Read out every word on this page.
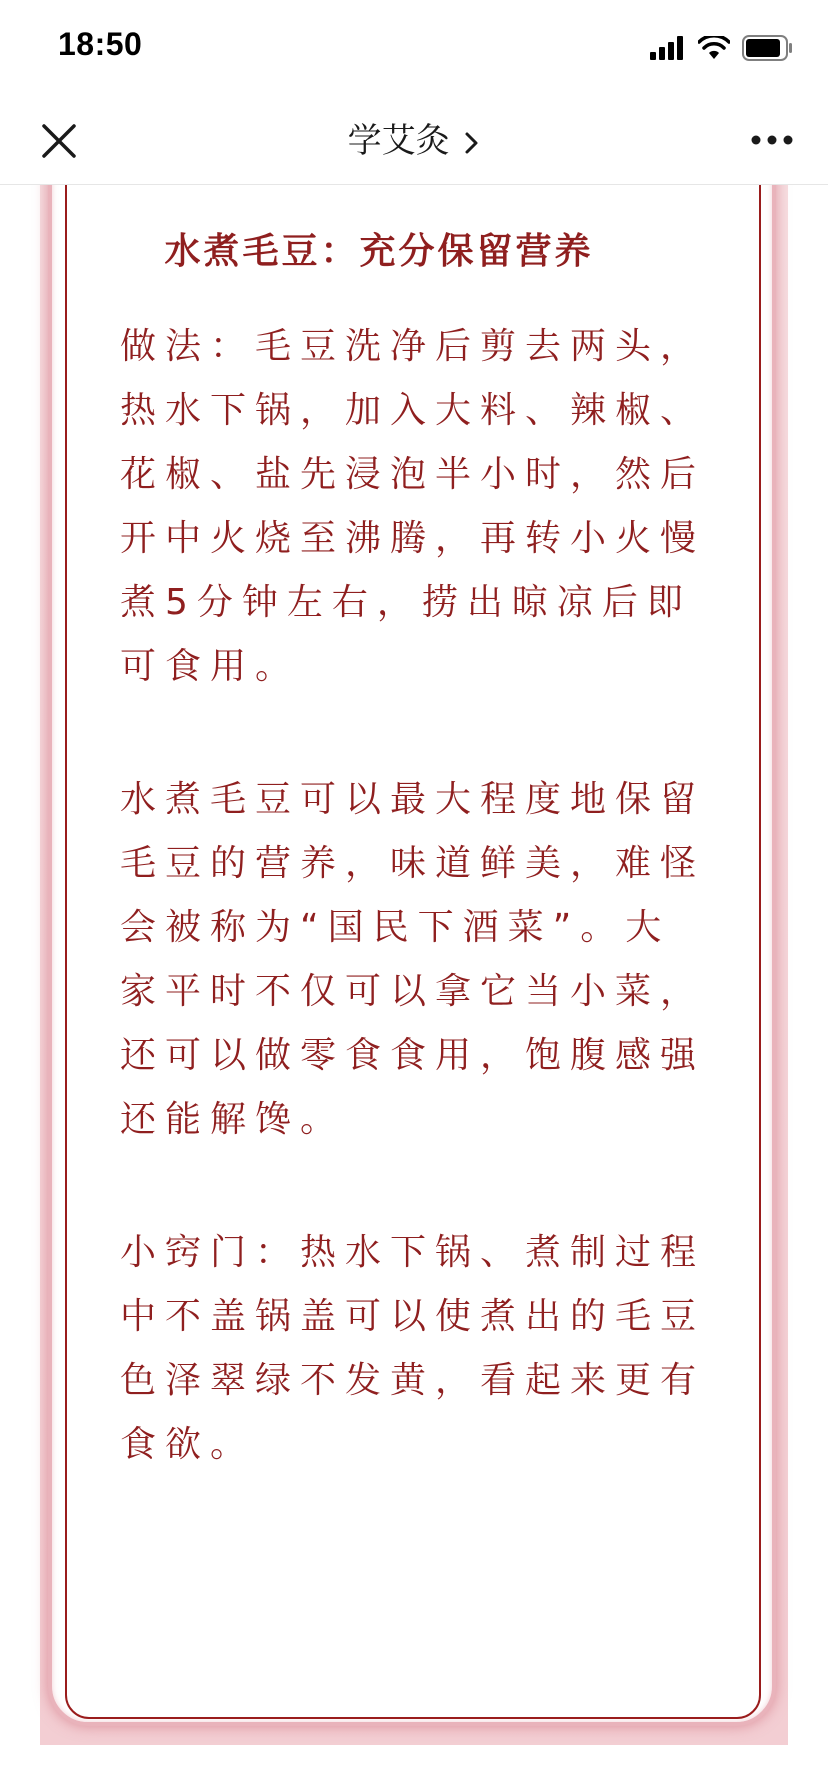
18:50
学艾灸
水煮毛豆：充分保留营养
做法：毛豆洗净后剪去两头，热水下锅，加入大料、辣椒、花椒、盐先浸泡半小时，然后开中火烧至沸腾，再转小火慢煮5分钟左右，捞出晾凉后即可食用。
水煮毛豆可以最大程度地保留毛豆的营养，味道鲜美，难怪会被称为“国民下酒菜”。大家平时不仅可以拿它当小菜，还可以做零食食用，饱腹感强还能解馋。
小窍门：热水下锅、煮制过程中不盖锅盖可以使煮出的毛豆色泽翠绿不发黄，看起来更有食欲。
